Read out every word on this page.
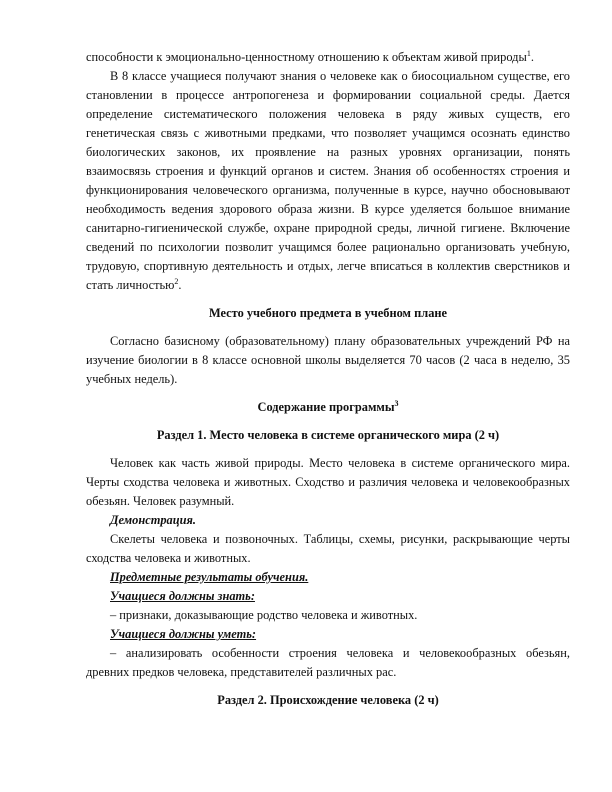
способности к эмоционально-ценностному отношению к объектам живой природы$^1$.

В 8 классе учащиеся получают знания о человеке как о биосоциальном существе, его становлении в процессе антропогенеза и формировании социальной среды. Дается определение систематического положения человека в ряду живых существ, его генетическая связь с животными предками, что позволяет учащимся осознать единство биологических законов, их проявление на разных уровнях организации, понять взаимосвязь строения и функций органов и систем. Знания об особенностях строения и функционирования человеческого организма, полученные в курсе, научно обосновывают необходимость ведения здорового образа жизни. В курсе уделяется большое внимание санитарно-гигиенической службе, охране природной среды, личной гигиене. Включение сведений по психологии позволит учащимся более рационально организовать учебную, трудовую, спортивную деятельность и отдых, легче вписаться в коллектив сверстников и стать личностью$^2$.

Место учебного предмета в учебном плане

Согласно базисному (образовательному) плану образовательных учреждений РФ на изучение биологии в 8 классе основной школы выделяется 70 часов (2 часа в неделю, 35 учебных недель).

Содержание программы$^3$

Раздел 1. Место человека в системе органического мира (2 ч)

Человек как часть живой природы. Место человека в системе органического мира. Черты сходства человека и животных. Сходство и различия человека и человекообразных обезьян. Человек разумный.

Демонстрация.

Скелеты человека и позвоночных. Таблицы, схемы, рисунки, раскрывающие черты сходства человека и животных.

Предметные результаты обучения.

Учащиеся должны знать:

– признаки, доказывающие родство человека и животных.

Учащиеся должны уметь:

– анализировать особенности строения человека и человекообразных обезьян, древних предков человека, представителей различных рас.

Раздел 2. Происхождение человека (2 ч)
